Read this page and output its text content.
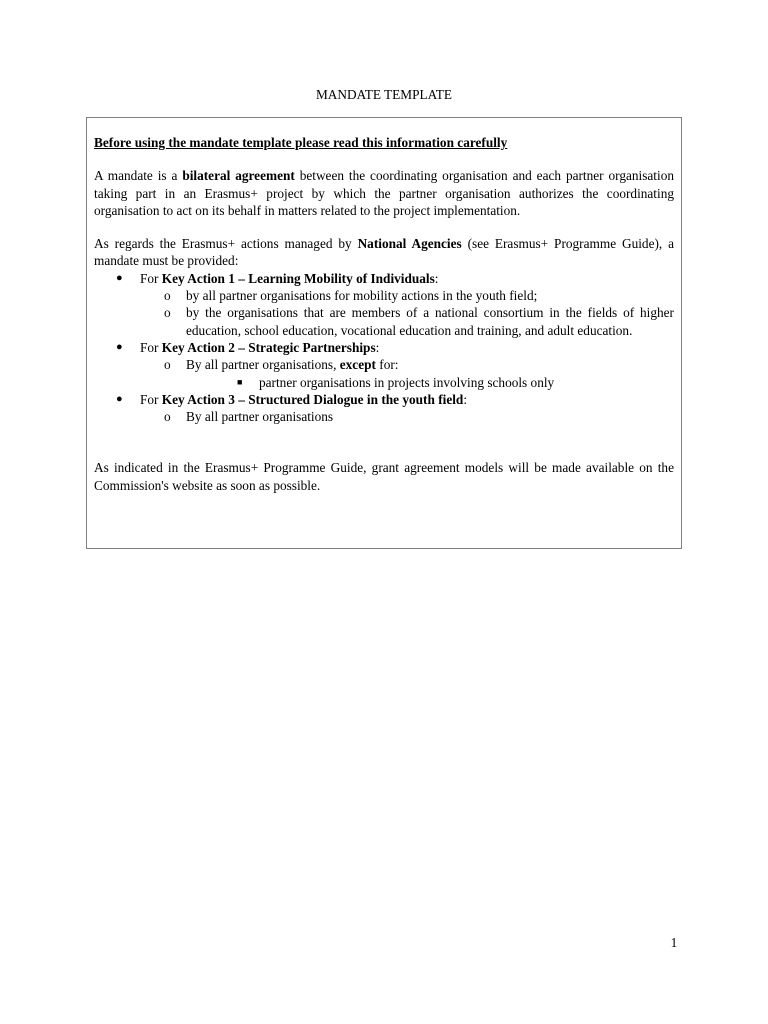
MANDATE TEMPLATE
Before using the mandate template please read this information carefully

A mandate is a bilateral agreement between the coordinating organisation and each partner organisation taking part in an Erasmus+ project by which the partner organisation authorizes the coordinating organisation to act on its behalf in matters related to the project implementation.

As regards the Erasmus+ actions managed by National Agencies (see Erasmus+ Programme Guide), a mandate must be provided:

● For Key Action 1 – Learning Mobility of Individuals:
o by all partner organisations for mobility actions in the youth field;
o by the organisations that are members of a national consortium in the fields of higher education, school education, vocational education and training, and adult education.
● For Key Action 2 – Strategic Partnerships:
o By all partner organisations, except for:
■ partner organisations in projects involving schools only
● For Key Action 3 – Structured Dialogue in the youth field:
o By all partner organisations

As indicated in the Erasmus+ Programme Guide, grant agreement models will be made available on the Commission's website as soon as possible.

1
